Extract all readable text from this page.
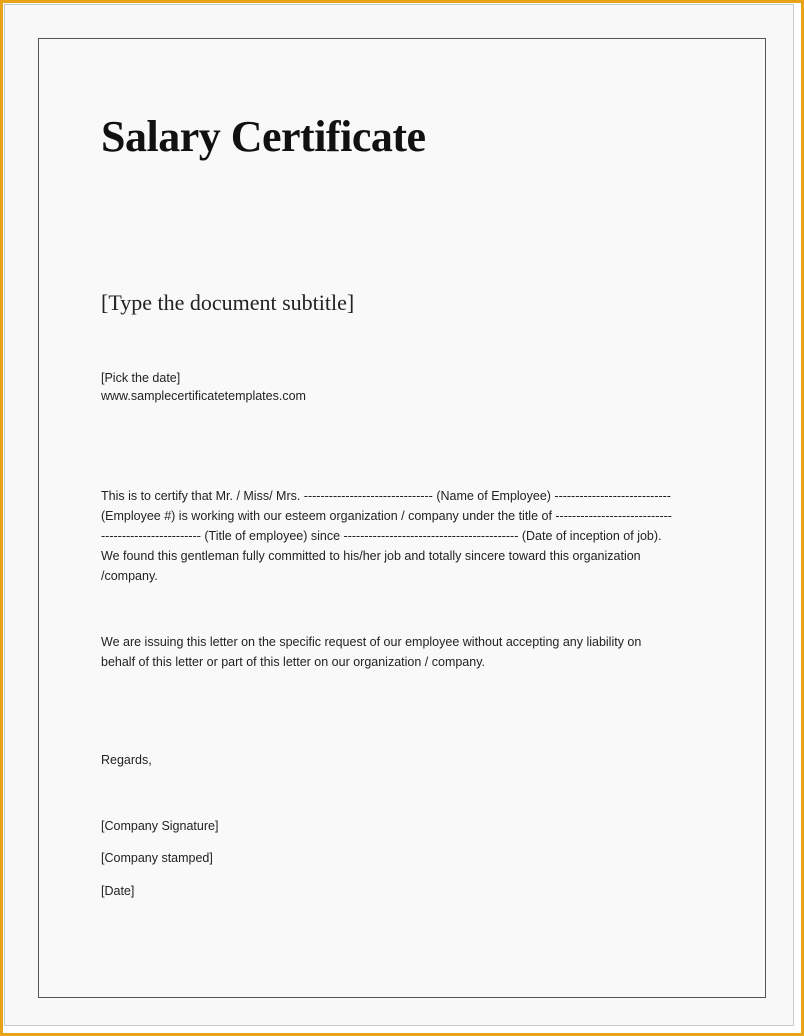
Salary Certificate
[Type the document subtitle]
[Pick the date]
www.samplecertificatetemplates.com
This is to certify that Mr. / Miss/ Mrs. ------------------------------- (Name of Employee) ----------------------------
(Employee #) is working with our esteem organization / company under the title of ----------------------------
------------------------ (Title of employee) since ------------------------------------------ (Date of inception of job).
We found this gentleman fully committed to his/her job and totally sincere toward this organization
/company.
We are issuing this letter on the specific request of our employee without accepting any liability on
behalf of this letter or part of this letter on our organization / company.
Regards,
[Company Signature]
[Company stamped]
[Date]
